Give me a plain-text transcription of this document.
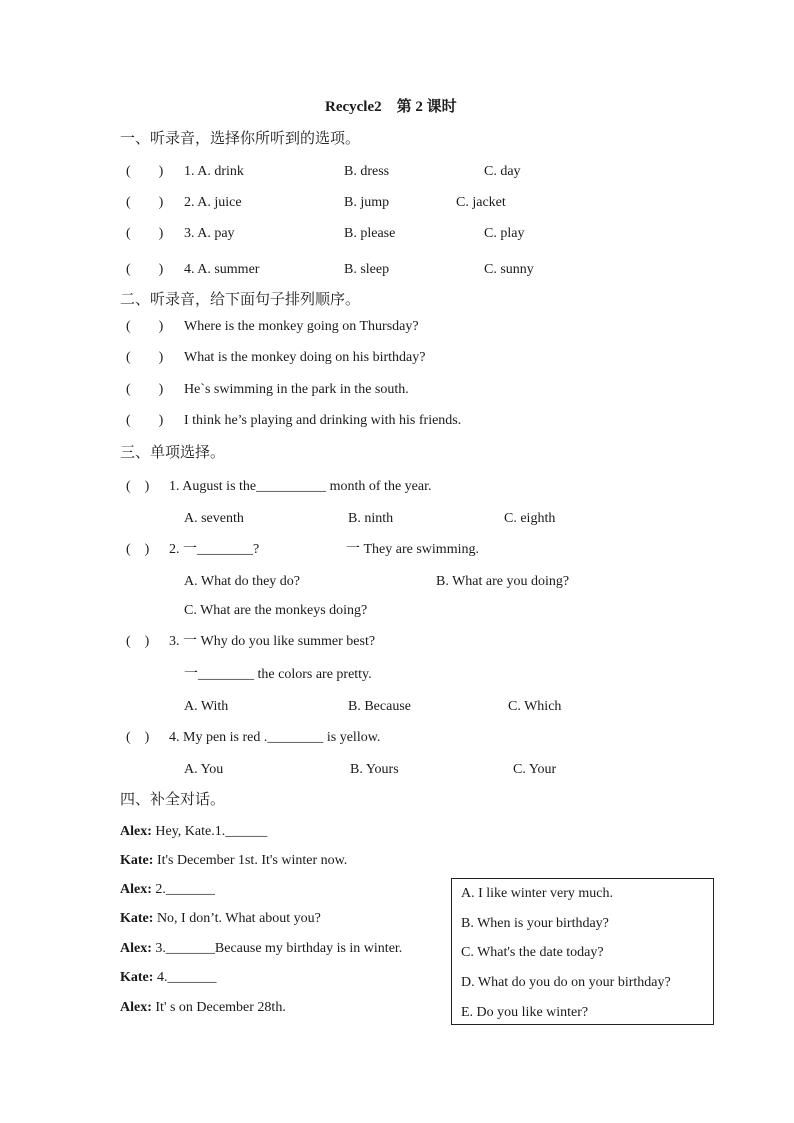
Recycle2　第 2 课时
一、听录音，选择你所听到的选项。
(　　) 1. A. drink	B. dress	C. day
(　　) 2. A. juice	B. jump	C. jacket
(　　) 3. A. pay	B. please	C. play
(　　) 4. A. summer	B. sleep	C. sunny
二、听录音，给下面句子排列顺序。
(　　) Where is the monkey going on Thursday?
(　　) What is the monkey doing on his birthday?
(　　) He`s swimming in the park in the south.
(　　) I think he’s playing and drinking with his friends.
三、单项选择。
(　) 1. August is the__________ month of the year.
A. seventh	B. ninth	C. eighth
(　) 2. 一________?	一 They are swimming.
A. What do they do?	B. What are you doing?
C. What are the monkeys doing?
(　) 3. 一 Why do you like summer best?
一________ the colors are pretty.
A. With	B. Because	C. Which
(　) 4. My pen is red .________ is yellow.
A. You	B. Yours	C. Your
四、补全对话。
Alex: Hey, Kate.1.______
Kate: It's December 1st. It's winter now.
Alex: 2._______
Kate: No, I don’t. What about you?
Alex: 3._______Because my birthday is in winter.
Kate: 4._______
Alex: It' s on December 28th.
A. I like winter very much.
B. When is your birthday?
C. What's the date today?
D. What do you do on your birthday?
E. Do you like winter?
